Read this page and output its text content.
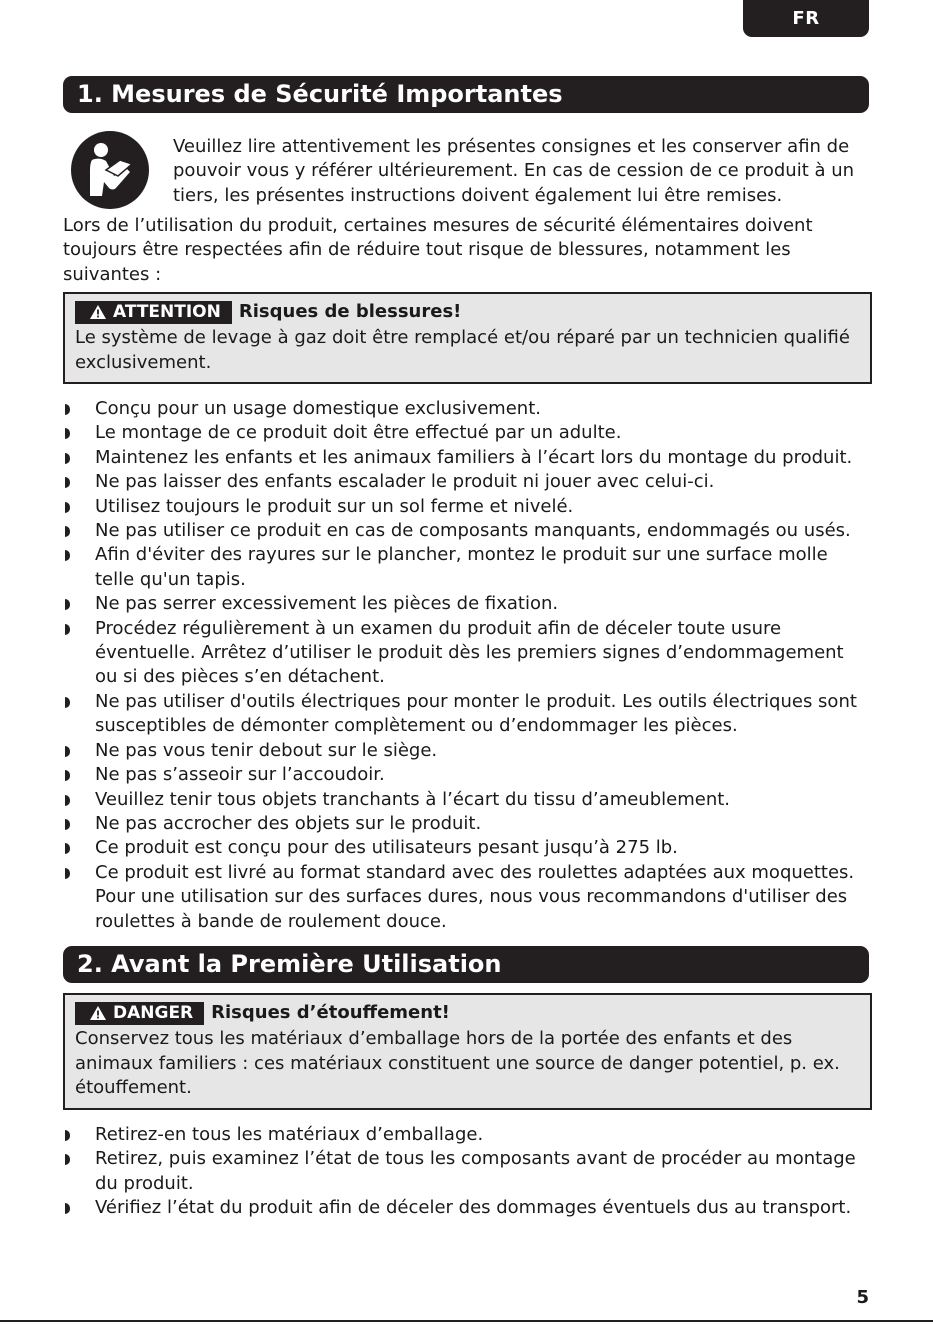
FR
1. Mesures de Sécurité Importantes
Veuillez lire attentivement les présentes consignes et les conserver afin de pouvoir vous y référer ultérieurement. En cas de cession de ce produit à un tiers, les présentes instructions doivent également lui être remises.
Lors de l’utilisation du produit, certaines mesures de sécurité élémentaires doivent toujours être respectées afin de réduire tout risque de blessures, notamment les suivantes :
ATTENTION Risques de blessures!
Le système de levage à gaz doit être remplacé et/ou réparé par un technicien qualifié exclusivement.
Conçu pour un usage domestique exclusivement.
Le montage de ce produit doit être effectué par un adulte.
Maintenez les enfants et les animaux familiers à l’écart lors du montage du produit.
Ne pas laisser des enfants escalader le produit ni jouer avec celui-ci.
Utilisez toujours le produit sur un sol ferme et nivelé.
Ne pas utiliser ce produit en cas de composants manquants, endommagés ou usés.
Afin d'éviter des rayures sur le plancher, montez le produit sur une surface molle telle qu'un tapis.
Ne pas serrer excessivement les pièces de fixation.
Procédez régulièrement à un examen du produit afin de déceler toute usure éventuelle. Arrêtez d’utiliser le produit dès les premiers signes d’endommagement ou si des pièces s’en détachent.
Ne pas utiliser d'outils électriques pour monter le produit. Les outils électriques sont susceptibles de démonter complètement ou d’endommager les pièces.
Ne pas vous tenir debout sur le siège.
Ne pas s’asseoir sur l’accoudoir.
Veuillez tenir tous objets tranchants à l’écart du tissu d’ameublement.
Ne pas accrocher des objets sur le produit.
Ce produit est conçu pour des utilisateurs pesant jusqu’à 275 lb.
Ce produit est livré au format standard avec des roulettes adaptées aux moquettes. Pour une utilisation sur des surfaces dures, nous vous recommandons d'utiliser des roulettes à bande de roulement douce.
2. Avant la Première Utilisation
DANGER Risques d’étouffement!
Conservez tous les matériaux d’emballage hors de la portée des enfants et des animaux familiers : ces matériaux constituent une source de danger potentiel, p. ex. étouffement.
Retirez-en tous les matériaux d’emballage.
Retirez, puis examinez l’état de tous les composants avant de procéder au montage du produit.
Vérifiez l’état du produit afin de déceler des dommages éventuels dus au transport.
5
